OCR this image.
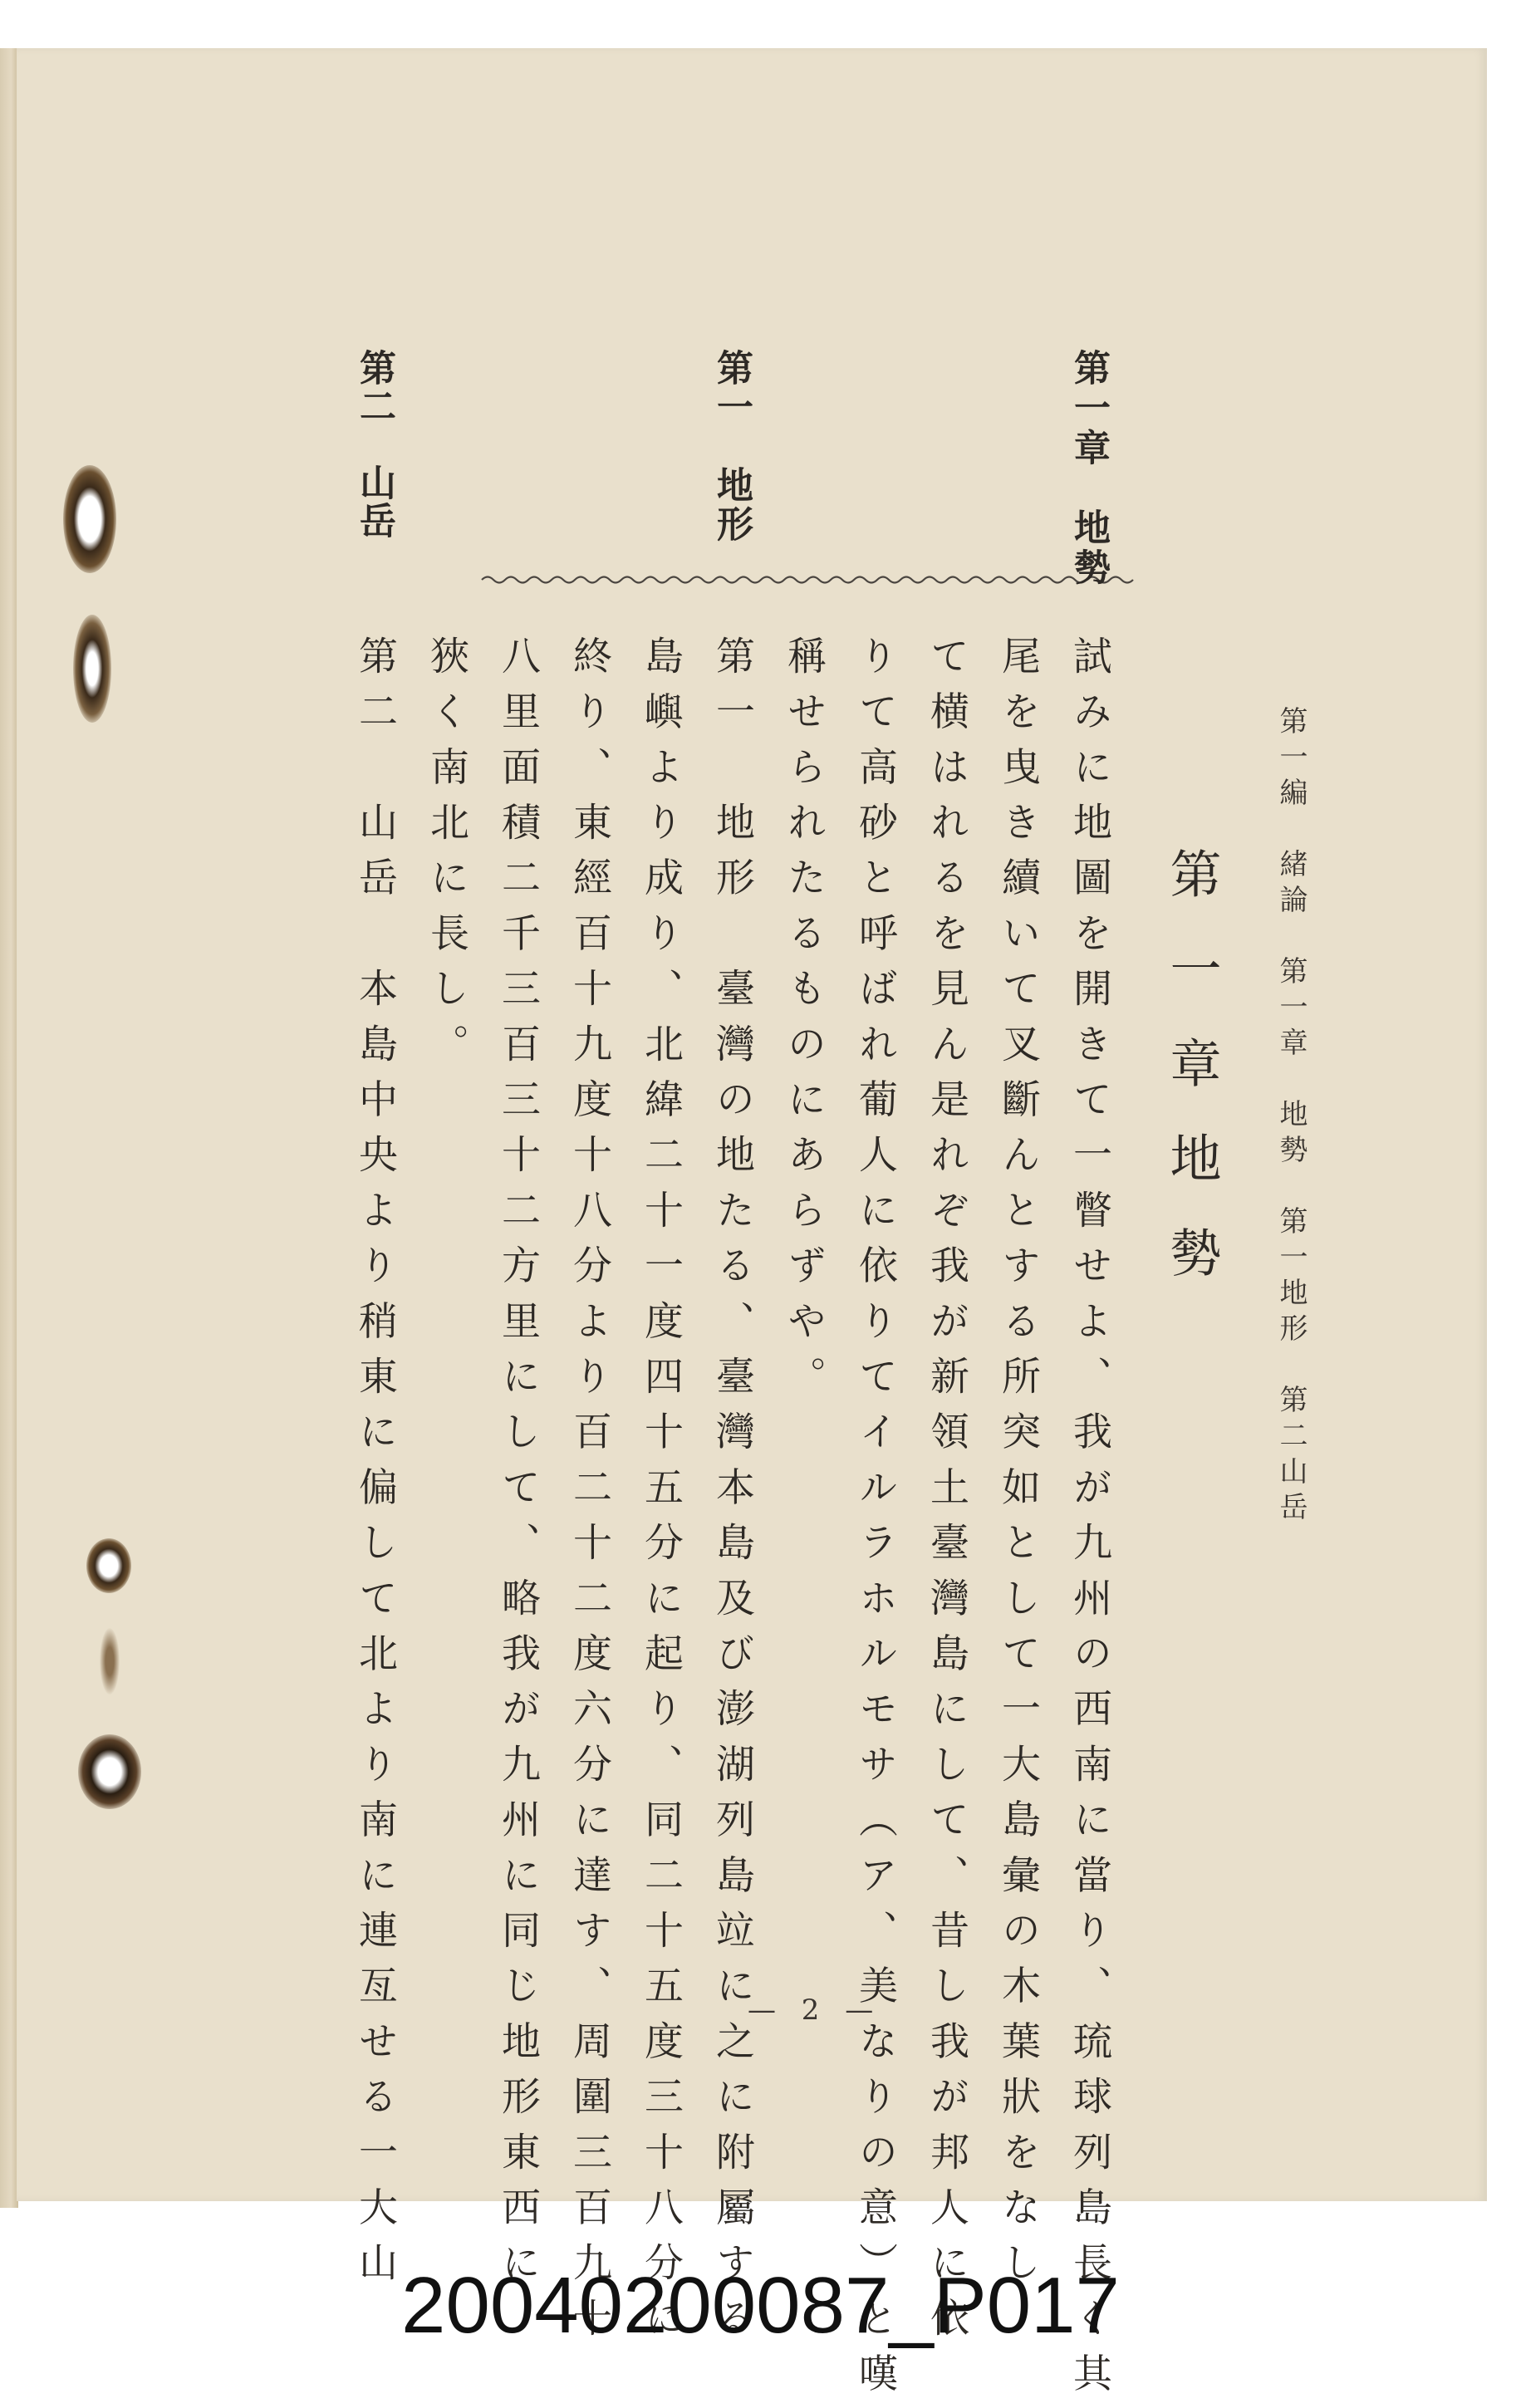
第一編　緒論　第一章　地勢　第一地形　第二山岳
第一章地勢
第一章　地勢
第一　地形
第二　山岳
試みに地圖を開きて一瞥せよ、我が九州の西南に當り、琉球列島長く其
尾を曳き續いて叉斷んとする所突如として一大島彙の木葉狀をなし
て横はれるを見ん是れぞ我が新領土臺灣島にして、昔し我が邦人に依
りて高砂と呼ばれ葡人に依りてイルラホルモサ（ア、美なりの意）と嘆
稱せられたるものにあらずや。
第一　地形　臺灣の地たる、臺灣本島及び澎湖列島竝に之に附屬する
島嶼より成り、北緯二十一度四十五分に起り、同二十五度三十八分に
終り、東經百十九度十八分より百二十二度六分に達す、周圍三百九十
八里面積二千三百三十二方里にして、略我が九州に同じ地形東西に
狹く南北に長し。
第二　山岳　本島中央より稍東に偏して北より南に連亙せる一大山	— 2 —
20040200087_P017
